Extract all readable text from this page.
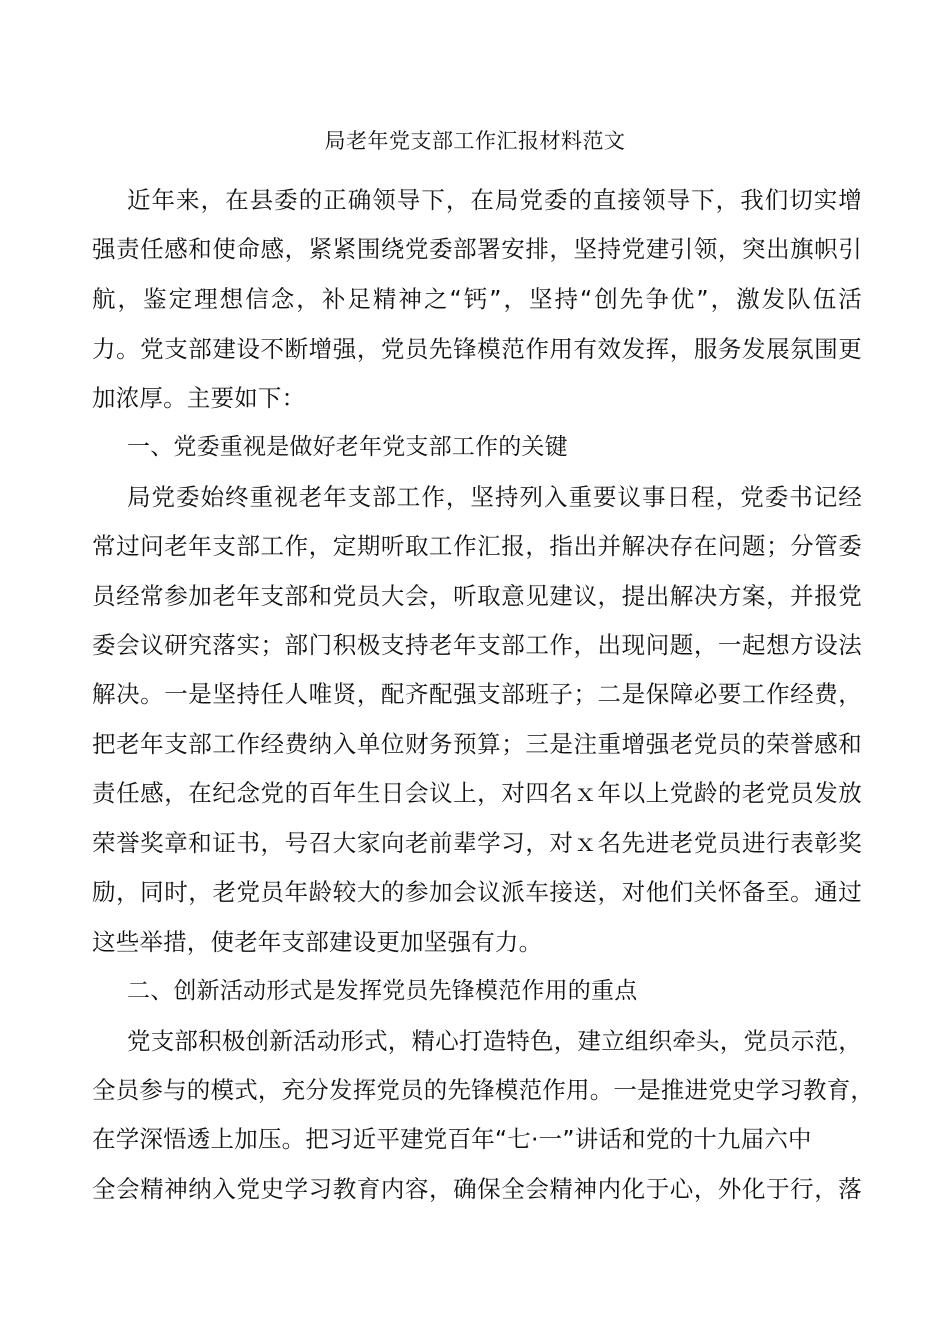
局老年党支部工作汇报材料范文
近年来，在县委的正确领导下，在局党委的直接领导下，我们切实增
强责任感和使命感，紧紧围绕党委部署安排，坚持党建引领，突出旗帜引
航，鉴定理想信念，补足精神之“钙”，坚持“创先争优”，激发队伍活
力。党支部建设不断增强，党员先锋模范作用有效发挥，服务发展氛围更
加浓厚。主要如下：
一、党委重视是做好老年党支部工作的关键
局党委始终重视老年支部工作，坚持列入重要议事日程，党委书记经
常过问老年支部工作，定期听取工作汇报，指出并解决存在问题；分管委
员经常参加老年支部和党员大会，听取意见建议，提出解决方案，并报党
委会议研究落实；部门积极支持老年支部工作，出现问题，一起想方设法
解决。一是坚持任人唯贤，配齐配强支部班子；二是保障必要工作经费，
把老年支部工作经费纳入单位财务预算；三是注重增强老党员的荣誉感和
责任感，在纪念党的百年生日会议上，对四名ｘ年以上党龄的老党员发放
荣誉奖章和证书，号召大家向老前辈学习，对ｘ名先进老党员进行表彰奖
励，同时，老党员年龄较大的参加会议派车接送，对他们关怀备至。通过
这些举措，使老年支部建设更加坚强有力。
二、创新活动形式是发挥党员先锋模范作用的重点
党支部积极创新活动形式，精心打造特色，建立组织牵头，党员示范，
全员参与的模式，充分发挥党员的先锋模范作用。一是推进党史学习教育，
在学深悟透上加压。把习近平建党百年“七·一”讲话和党的十九届六中
全会精神纳入党史学习教育内容，确保全会精神内化于心，外化于行，落
